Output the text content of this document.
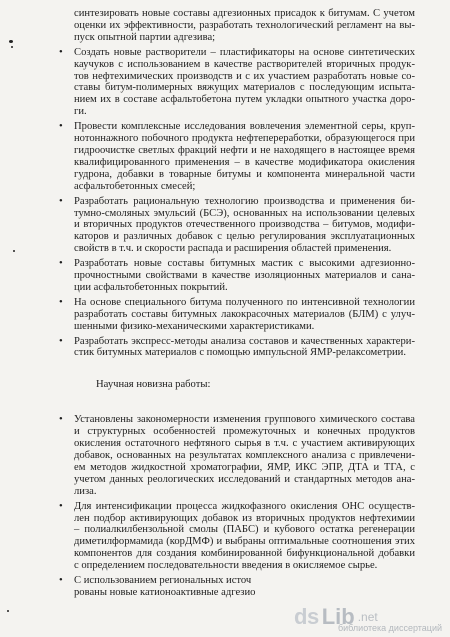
синтезировать новые составы адгезионных присадок к битумам. С учетом
оценки их эффективности, разработать технологический регламент на вы-
пуск опытной партии адгезива;
• Создать новые растворители – пластификаторы на основе синтетических
каучуков с использованием в качестве растворителей вторичных продук-
тов нефтехимических производств и с их участием разработать новые со-
ставы битум-полимерных вяжущих материалов с последующим испыта-
нием их в составе асфальтобетона путем укладки опытного участка доро-
ги.
• Провести комплексные исследования вовлечения элементной серы, круп-
нотоннажного побочного продукта нефтепереработки, образующегося при
гидроочистке светлых фракций нефти и не находящего в настоящее время
квалифицированного применения – в качестве модификатора окисления
гудрона, добавки в товарные битумы и компонента минеральной части
асфальтобетонных смесей;
• Разработать рациональную технологию производства и применения би-
тумно-смоляных эмульсий (БСЭ), основанных на использовании целевых
и вторичных продуктов отечественного производства – битумов, модифи-
каторов и различных добавок с целью регулирования эксплуатационных
свойств в т.ч. и скорости распада и расширения областей применения.
• Разработать новые составы битумных мастик с высокими адгезионно-
прочностными свойствами в качестве изоляционных материалов и сана-
ции асфальтобетонных покрытий.
• На основе специального битума полученного по интенсивной технологии
разработать составы битумных лакокрасочных материалов (БЛМ) с улуч-
шенными физико-механическими характеристиками.
• Разработать экспресс-методы анализа составов и качественных характери-
стик битумных материалов с помощью импульсной ЯМР-релаксометрии.

Научная новизна работы:

• Установлены закономерности изменения группового химического состава
и структурных особенностей промежуточных и конечных продуктов
окисления остаточного нефтяного сырья в т.ч. с участием активирующих
добавок, основанных на результатах комплексного анализа с привлечени-
ем методов жидкостной хроматографии, ЯМР, ИКС ЭПР, ДТА и ТГА, с
учетом данных реологических исследований и стандартных методов ана-
лиза.
• Для интенсификации процесса жидкофазного окисления ОНС осуществ-
лен подбор активирующих добавок из вторичных продуктов нефтехимии
– полиалкилбензольной смолы (ПАБС) и кубового остатка регенерации
диметилформамида (корДМФ) и выбраны оптимальные соотношения этих
компонентов для создания комбинированной бифункциональной добавки
с определением последовательности введения в окисляемое сырье.
• С использованием региональных источ
рованы новые катионоактивные адгезио
ds Lib .net
библиотека диссертаций
